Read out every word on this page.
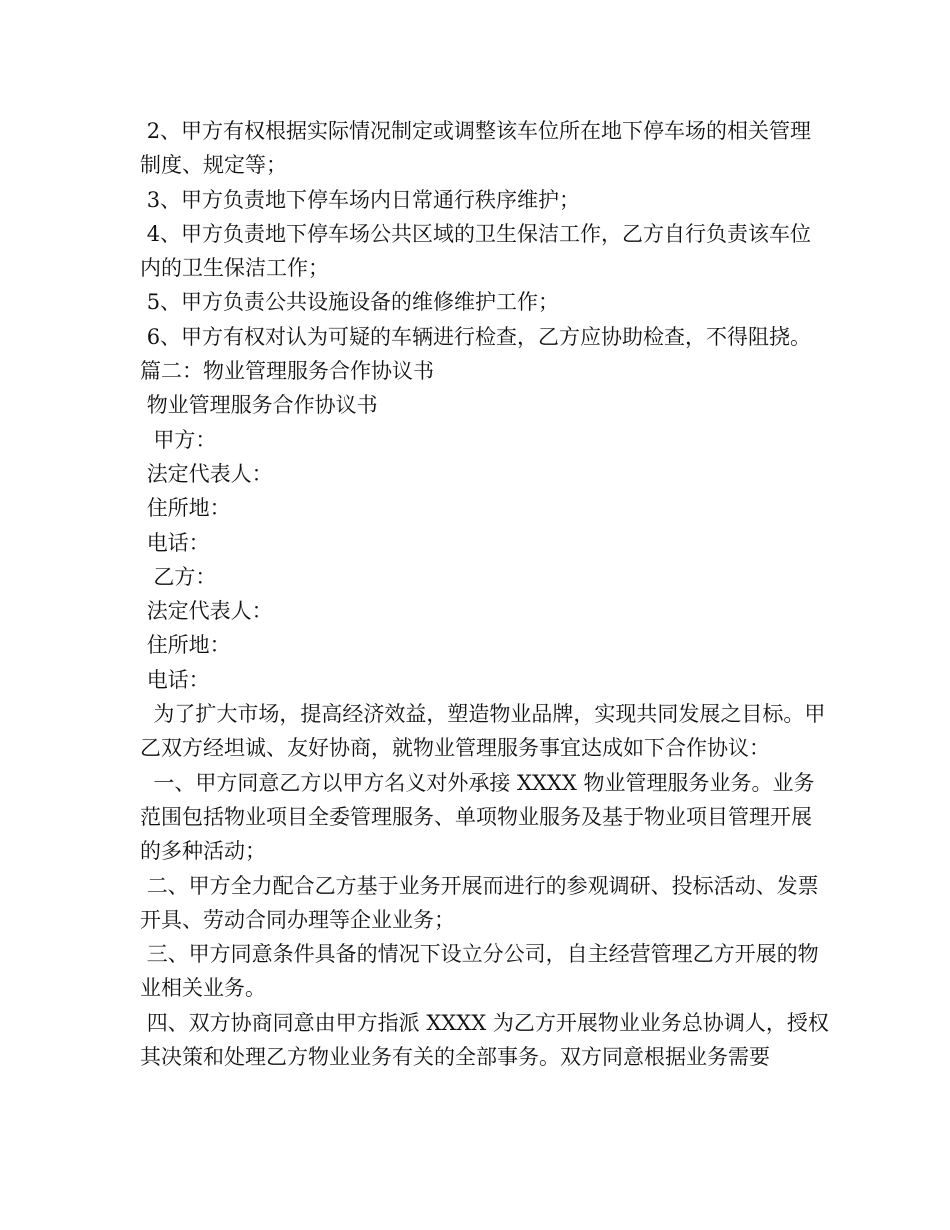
2、甲方有权根据实际情况制定或调整该车位所在地下停车场的相关管理制度、规定等；

3、甲方负责地下停车场内日常通行秩序维护；

4、甲方负责地下停车场公共区域的卫生保洁工作，乙方自行负责该车位内的卫生保洁工作；

5、甲方负责公共设施设备的维修维护工作；

6、甲方有权对认为可疑的车辆进行检查，乙方应协助检查，不得阻挠。

篇二：物业管理服务合作协议书

物业管理服务合作协议书

甲方：

法定代表人：

住所地：

电话：

乙方：

法定代表人：

住所地：

电话：

为了扩大市场，提高经济效益，塑造物业品牌，实现共同发展之目标。甲乙双方经坦诚、友好协商，就物业管理服务事宜达成如下合作协议：

一、甲方同意乙方以甲方名义对外承接 XXXX 物业管理服务业务。业务范围包括物业项目全委管理服务、单项物业服务及基于物业项目管理开展的多种活动；

二、甲方全力配合乙方基于业务开展而进行的参观调研、投标活动、发票开具、劳动合同办理等企业业务；

三、甲方同意条件具备的情况下设立分公司，自主经营管理乙方开展的物业相关业务。

四、双方协商同意由甲方指派 XXXX 为乙方开展物业业务总协调人，授权其决策和处理乙方物业业务有关的全部事务。双方同意根据业务需要
